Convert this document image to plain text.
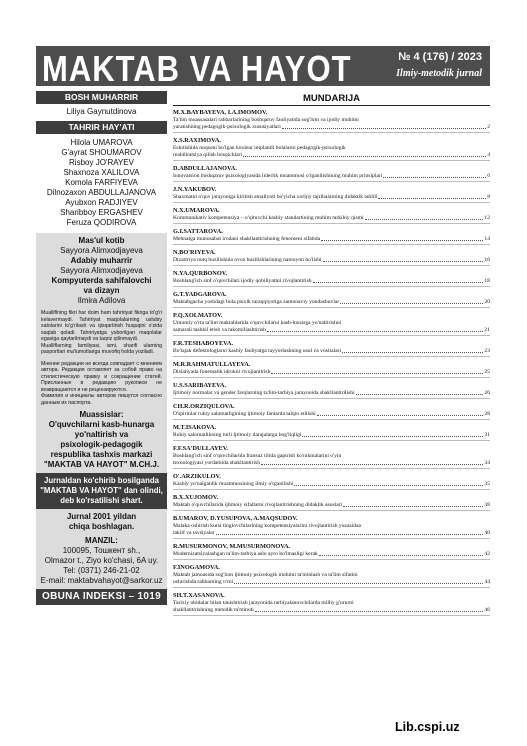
MAKTAB VA HAYOT	№ 4 (176) / 2023
Ilmiy-metodik jurnal
BOSH MUHARRIR
Liliya Gaynutdinova
TAHRIR HAY'ATI
Hilola UMAROVA
G'ayrat SHOUMAROV
Risboy JO'RAYEV
Shaxnoza XALILOVA
Komola FARFIYEVA
Dilnozaxon ABDULLAJANOVA
Ayubxon RADJIYEV
Sharibboy ERGASHEV
Feruza QODIROVA
Mas'ul kotib
Sayyora Alimxodjayeva
Adabiy muharrir
Sayyora Alimxodjayeva
Kompyuterda sahifalovchi
va dizayn
Ilmira Adilova
Mualliflning fikri har doim ham tahririyat fikriga to'g'ri kelavermaydi. Tahririyat maqolalarning uslubiy xatolarini to'g'rilash va qisqartirish huquqini o'zida saqlab qoladi. Tahririyatga yuborilgan maqolalar egasiga qaytarilmaydi va taqriz qilinmaydi.
Mualliflarning familiyasi, ismi, sharifi ularning pasportlari ma'lumotlariga muvofiq holda yoziladi.
Мнение редакции не всегда совпадает с мнением автора. Редакция оставляет за собой право на стилистическую правку и сокращение статей. Присланные в редакцию рукописи не возвращаются и не рецензируются.
Фамилия и инициалы авторов пишутся согласно данным их паспорта.
Muassislar:
O'quvchilarni kasb-hunarga
yo'naltirish va
psixologik-pedagogik
respublika tashxis markazi
"MAKTAB VA HAYOT" M.CH.J.
Jurnaldan ko'chirib bosilganda
"MAKTAB VA HAYOT" dan olindi,
deb ko'rsatilishi shart.
Jurnal 2001 yildan
chiqa boshlagan.
MANZIL:
100095, Тошкент sh.,
Olmazor t., Ziyo ko'chasi, 6A uy.
Tel: (0371) 246-21-02
E-mail: maktabvahayot@sarkor.uz
OBUNA INDEKSI – 1019
MUNDARIJA
M.X.BAYBAYEVA, I.A.IMOMOV.
Ta'lim muassasalari rahbarlarining boshqaruv faoliyatida sog'lom va ijodiy muhitni
yaratishning pedagogik-psixologik xususiyatlari	2
X.S.RAXIMOVA.
Eshitishida nuqsoni bo'lgan koxlear implantli bolalarni pedagogik-psixologik
reabilitatsiya qilish bosqichlari	4
D.ABDULLAJANOVA.
Innovatsion boshqaruv psixologiyasida liderlik muammosi o'rganilishining muhim prinsiplari	6
J.N.YAKUBOV.
Shaxmatni o'quv jarayoniga kiritish amaliyoti bo'yicha xorijiy tajribalarning didaktik tahlili	8
N.X.UMAROVA.
Kommunikativ kompetensiya – o'qituvchi kasbiy standartining muhim tarkibiy qismi	12
G.I.SATTAROVA.
Mehnatga munosabat irodani shakllantirishning fenomeni sifatida	14
N.BO'RIYEVA.
Dizartriya nutq buzilishida ovoz buzilishlarining namoyon bo'lishi	16
N.YA.QURBONOV.
Boshlang'ich sinf o'quvchilari ijodiy qobiliyatini rivojlantirish	18
G.T.YADGAROVA.
Maktabgacha yoshdagi bola psixik taraqqiyotiga zamonaviy yondashuvlar	20
P.Q.XOLMATOV.
Umumiy o'rta ta'lim maktablarida o'quvchilarni kasb-hunarga yo'naltirishni
samarali tashkil etish va takomillashtirish	21
F.R.TESHABOYEVA.
Bo'lajak defektologlarni kasbiy faoliyatga tayyorlashning usul va vositalari	23
M.R.RAHMATULLAYEVA.
Dislaliyada fonematik idrokni rivojlantirish	25
U.S.SARIBAYEVA.
Ijtimoiy normalar va gender farqlarning ta'lim-tarbiya jarayonida shakllantirilishi	26
CH.R.ORZIQULOVA.
O'spirinlar ruhiy salomatligining ijtimoiy fanlarda talqin etilishi	28
M.T.ISAKOVA.
Ruhiy salomatlikning turli ijtimoiy darajalarga bog'liqligi	31
F.F.SA'DULLAYEV.
Boshlang'ich sinf o'quvchilarida fransuz tilida gapirish ko'nikmalarini o'yin
texnologiyasi yordamida shakllantirish	34
O'.ARZIKULOV.
Kasbiy yo'nalganlik muammosining ilmiy o'rganilishi	35
B.X.XUJOMOV.
Maktab o'quvchilarida ijtimoiy sifatlarni rivojlantirishning didaktik asoslari	38
B.UMAROV, D.YUSUPOVA, A.MAQSUDOV.
Malaka oshirish kursi tinglovchilarining kompetensiyalarini rivojlantirish yuzasidan
taklif va tavsiyalar	40
R.MUSURMONOV, M.MUSURMONOVA.
Modernizatsiyalashgan ta'lim-tarbiya aslo ayro bo'lmasligi kerak	42
F.INOGAMOVA.
Maktab jamoasida sog'lom ijtimoiy psixologik muhitni ta'minlash va ta'lim sifatini
oshirishda rahbarning o'rni	44
SH.T.XASANOVA.
Tarixiy obidalar bilan tanishtirish jarayonida tarbiyalanuvchilarda milliy g'ururni
shakllantirishning metodik ta'minoti	46
Lib.cspi.uz
